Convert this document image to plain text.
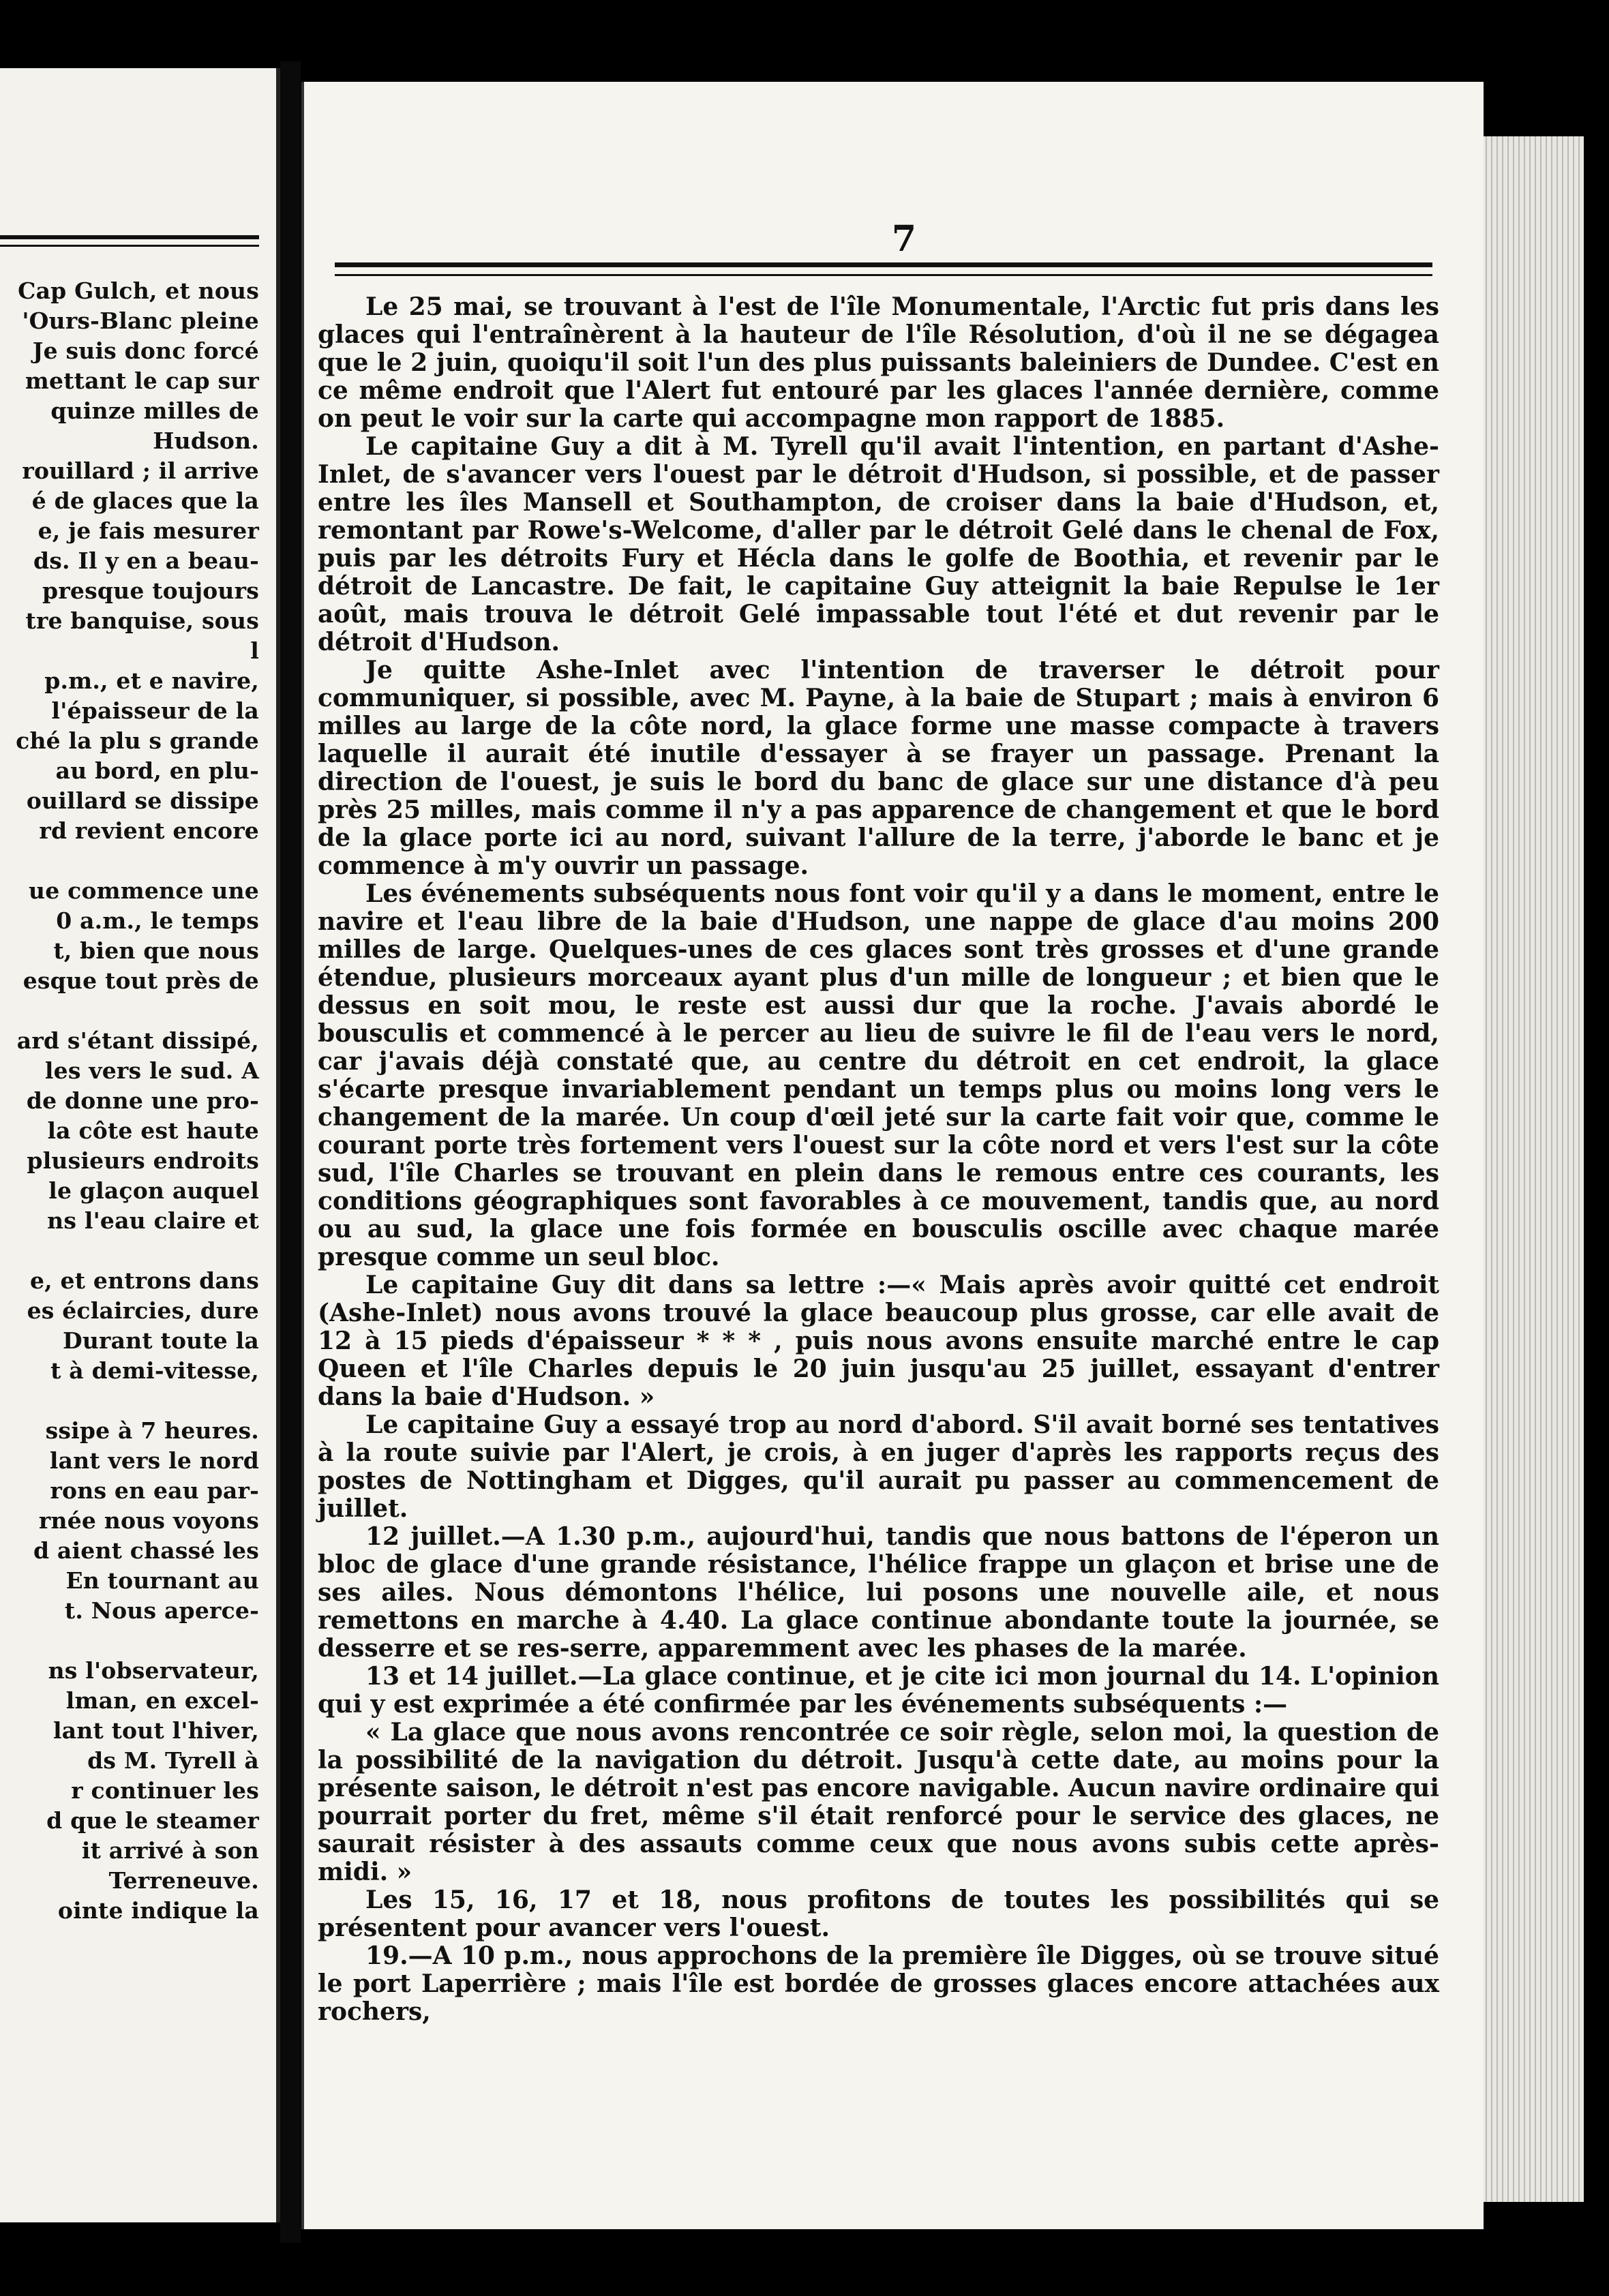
Cap Gulch, et nous
'Ours-Blanc pleine
Je suis donc forcé
mettant le cap sur
quinze milles de
Hudson.
rouillard ; il arrive
é de glaces que la
e, je fais mesurer
ds. Il y en a beau-
presque toujours
tre banquise, sous
l
p.m., et e navire,
l'épaisseur de la
ché la plu s grande
au bord, en plu-
ouillard se dissipe
rd revient encore

ue commence une
0 a.m., le temps
t, bien que nous
esque tout près de

ard s'étant dissipé,
les vers le sud. A
de donne une pro-
la côte est haute
plusieurs endroits
le glaçon auquel
ns l'eau claire et

e, et entrons dans
es éclaircies, dure
Durant toute la
t à demi-vitesse,

ssipe à 7 heures.
lant vers le nord
rons en eau par-
rnée nous voyons
d aient chassé les
En tournant au
t. Nous aperce-

ns l'observateur,
lman, en excel-
lant tout l'hiver,
ds M. Tyrell à
r continuer les
d que le steamer
it arrivé à son
Terreneuve.
ointe indique la
7

Le 25 mai, se trouvant à l'est de l'île Monumentale, l'Arctic fut pris dans les glaces qui l'entraînèrent à la hauteur de l'île Résolution, d'où il ne se dégagea que le 2 juin, quoiqu'il soit l'un des plus puissants baleiniers de Dundee. C'est en ce même endroit que l'Alert fut entouré par les glaces l'année dernière, comme on peut le voir sur la carte qui accompagne mon rapport de 1885.

Le capitaine Guy a dit à M. Tyrell qu'il avait l'intention, en partant d'Ashe-Inlet, de s'avancer vers l'ouest par le détroit d'Hudson, si possible, et de passer entre les îles Mansell et Southampton, de croiser dans la baie d'Hudson, et, remontant par Rowe's-Welcome, d'aller par le détroit Gelé dans le chenal de Fox, puis par les détroits Fury et Hécla dans le golfe de Boothia, et revenir par le détroit de Lancastre. De fait, le capitaine Guy atteignit la baie Repulse le 1er août, mais trouva le détroit Gelé impassable tout l'été et dut revenir par le détroit d'Hudson.

Je quitte Ashe-Inlet avec l'intention de traverser le détroit pour communiquer, si possible, avec M. Payne, à la baie de Stupart ; mais à environ 6 milles au large de la côte nord, la glace forme une masse compacte à travers laquelle il aurait été inutile d'essayer à se frayer un passage. Prenant la direction de l'ouest, je suis le bord du banc de glace sur une distance d'à peu près 25 milles, mais comme il n'y a pas apparence de changement et que le bord de la glace porte ici au nord, suivant l'allure de la terre, j'aborde le banc et je commence à m'y ouvrir un passage.

Les événements subséquents nous font voir qu'il y a dans le moment, entre le navire et l'eau libre de la baie d'Hudson, une nappe de glace d'au moins 200 milles de large. Quelques-unes de ces glaces sont très grosses et d'une grande étendue, plusieurs morceaux ayant plus d'un mille de longueur ; et bien que le dessus en soit mou, le reste est aussi dur que la roche. J'avais abordé le bousculis et commencé à le percer au lieu de suivre le fil de l'eau vers le nord, car j'avais déjà constaté que, au centre du détroit en cet endroit, la glace s'écarte presque invariablement pendant un temps plus ou moins long vers le changement de la marée. Un coup d'œil jeté sur la carte fait voir que, comme le courant porte très fortement vers l'ouest sur la côte nord et vers l'est sur la côte sud, l'île Charles se trouvant en plein dans le remous entre ces courants, les conditions géographiques sont favorables à ce mouvement, tandis que, au nord ou au sud, la glace une fois formée en bousculis oscille avec chaque marée presque comme un seul bloc.

Le capitaine Guy dit dans sa lettre :—« Mais après avoir quitté cet endroit (Ashe-Inlet) nous avons trouvé la glace beaucoup plus grosse, car elle avait de 12 à 15 pieds d'épaisseur * * * , puis nous avons ensuite marché entre le cap Queen et l'île Charles depuis le 20 juin jusqu'au 25 juillet, essayant d'entrer dans la baie d'Hudson. »

Le capitaine Guy a essayé trop au nord d'abord. S'il avait borné ses tentatives à la route suivie par l'Alert, je crois, à en juger d'après les rapports reçus des postes de Nottingham et Digges, qu'il aurait pu passer au commencement de juillet.

12 juillet.—A 1.30 p.m., aujourd'hui, tandis que nous battons de l'éperon un bloc de glace d'une grande résistance, l'hélice frappe un glaçon et brise une de ses ailes. Nous démontons l'hélice, lui posons une nouvelle aile, et nous remettons en marche à 4.40. La glace continue abondante toute la journée, se desserre et se res-serre, apparemment avec les phases de la marée.

13 et 14 juillet.—La glace continue, et je cite ici mon journal du 14. L'opinion qui y est exprimée a été confirmée par les événements subséquents :—

« La glace que nous avons rencontrée ce soir règle, selon moi, la question de la possibilité de la navigation du détroit. Jusqu'à cette date, au moins pour la présente saison, le détroit n'est pas encore navigable. Aucun navire ordinaire qui pourrait porter du fret, même s'il était renforcé pour le service des glaces, ne saurait résister à des assauts comme ceux que nous avons subis cette après-midi. »

Les 15, 16, 17 et 18, nous profitons de toutes les possibilités qui se présentent pour avancer vers l'ouest.

19.—A 10 p.m., nous approchons de la première île Digges, où se trouve situé le port Laperrière ; mais l'île est bordée de grosses glaces encore attachées aux rochers,
